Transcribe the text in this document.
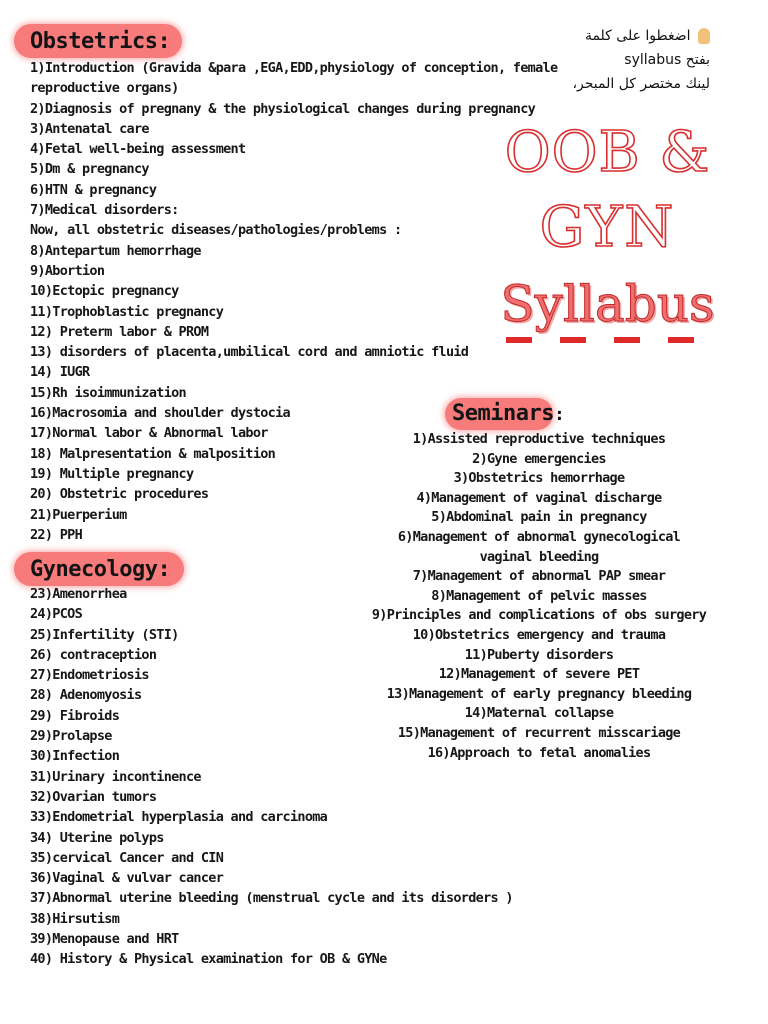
Obstetrics:
Gynecology:
Seminars:
1)Introduction (Gravida &para ,EGA,EDD,physiology of conception, female
reproductive organs)
2)Diagnosis of pregnany & the physiological changes during pregnancy
3)Antenatal care
4)Fetal well-being assessment
5)Dm & pregnancy
6)HTN & pregnancy
7)Medical disorders:
Now, all obstetric diseases/pathologies/problems :
8)Antepartum hemorrhage
9)Abortion
10)Ectopic pregnancy
11)Trophoblastic pregnancy
12) Preterm labor & PROM
13) disorders of placenta,umbilical cord and amniotic fluid
14) IUGR
15)Rh isoimmunization
16)Macrosomia and shoulder dystocia
17)Normal labor & Abnormal labor
18) Malpresentation & malposition
19) Multiple pregnancy
20) Obstetric procedures
21)Puerperium
22) PPH
23)Amenorrhea
24)PCOS
25)Infertility (STI)
26) contraception
27)Endometriosis
28) Adenomyosis
29) Fibroids
29)Prolapse
30)Infection
31)Urinary incontinence
32)Ovarian tumors
33)Endometrial hyperplasia and carcinoma
34) Uterine polyps
35)cervical Cancer and CIN
36)Vaginal & vulvar cancer
37)Abnormal uterine bleeding (menstrual cycle and its disorders )
38)Hirsutism
39)Menopause and HRT
40) History & Physical examination for OB & GYNe
1)Assisted reproductive techniques
2)Gyne emergencies
3)Obstetrics hemorrhage
4)Management of vaginal discharge
5)Abdominal pain in pregnancy
6)Management of abnormal gynecological
vaginal bleeding
7)Management of abnormal PAP smear
8)Management of pelvic masses
9)Principles and complications of obs surgery
10)Obstetrics emergency and trauma
11)Puberty disorders
12)Management of severe PET
13)Management of early pregnancy bleeding
14)Maternal collapse
15)Management of recurrent misscariage
16)Approach to fetal anomalies
OOB &
GYN
Syllabus
اضغطوا على كلمة
syllabus بفتح
لينك مختصر كل المبحر،
